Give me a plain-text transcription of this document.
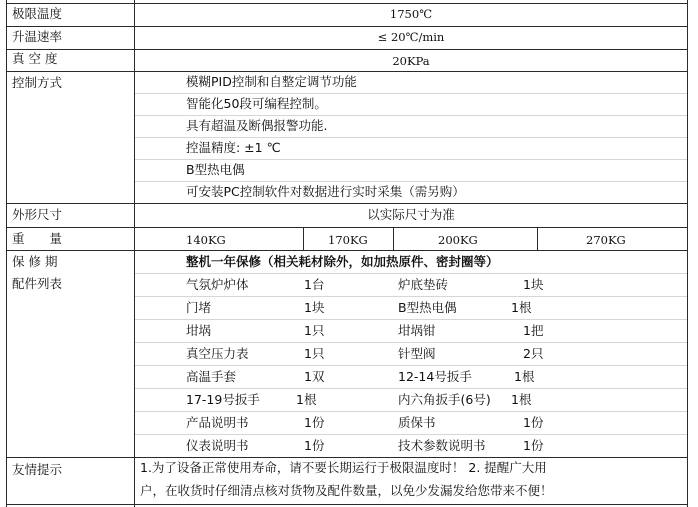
极限温度	1750℃
升温速率	≤ 20℃/min
真 空 度	20KPa
控制方式	模糊PID控制和自整定调节功能
智能化50段可编程控制。
具有超温及断偶报警功能.
控温精度: ±1 ℃
B型热电偶
可安装PC控制软件对数据进行实时采集（需另购）
外形尺寸	以实际尺寸为准
重　　量	140KG	170KG	200KG	270KG
保 修 期	整机一年保修（相关耗材除外，如加热原件、密封圈等）
配件列表	气氛炉炉体	1台	炉底垫砖	1块
门堵	1块	B型热电偶	1根
坩埚	1只	坩埚钳	1把
真空压力表	1只	针型阀	2只
高温手套	1双	12-14号扳手	1根
17-19号扳手	1根	内六角扳手(6号) 1根
产品说明书	1份	质保书	1份
仪表说明书	1份	技术参数说明书	1份
友情提示	1.为了设备正常使用寿命，请不要长期运行于极限温度时！ 2. 提醒广大用
户，在收货时仔细清点核对货物及配件数量，以免少发漏发给您带来不便！
